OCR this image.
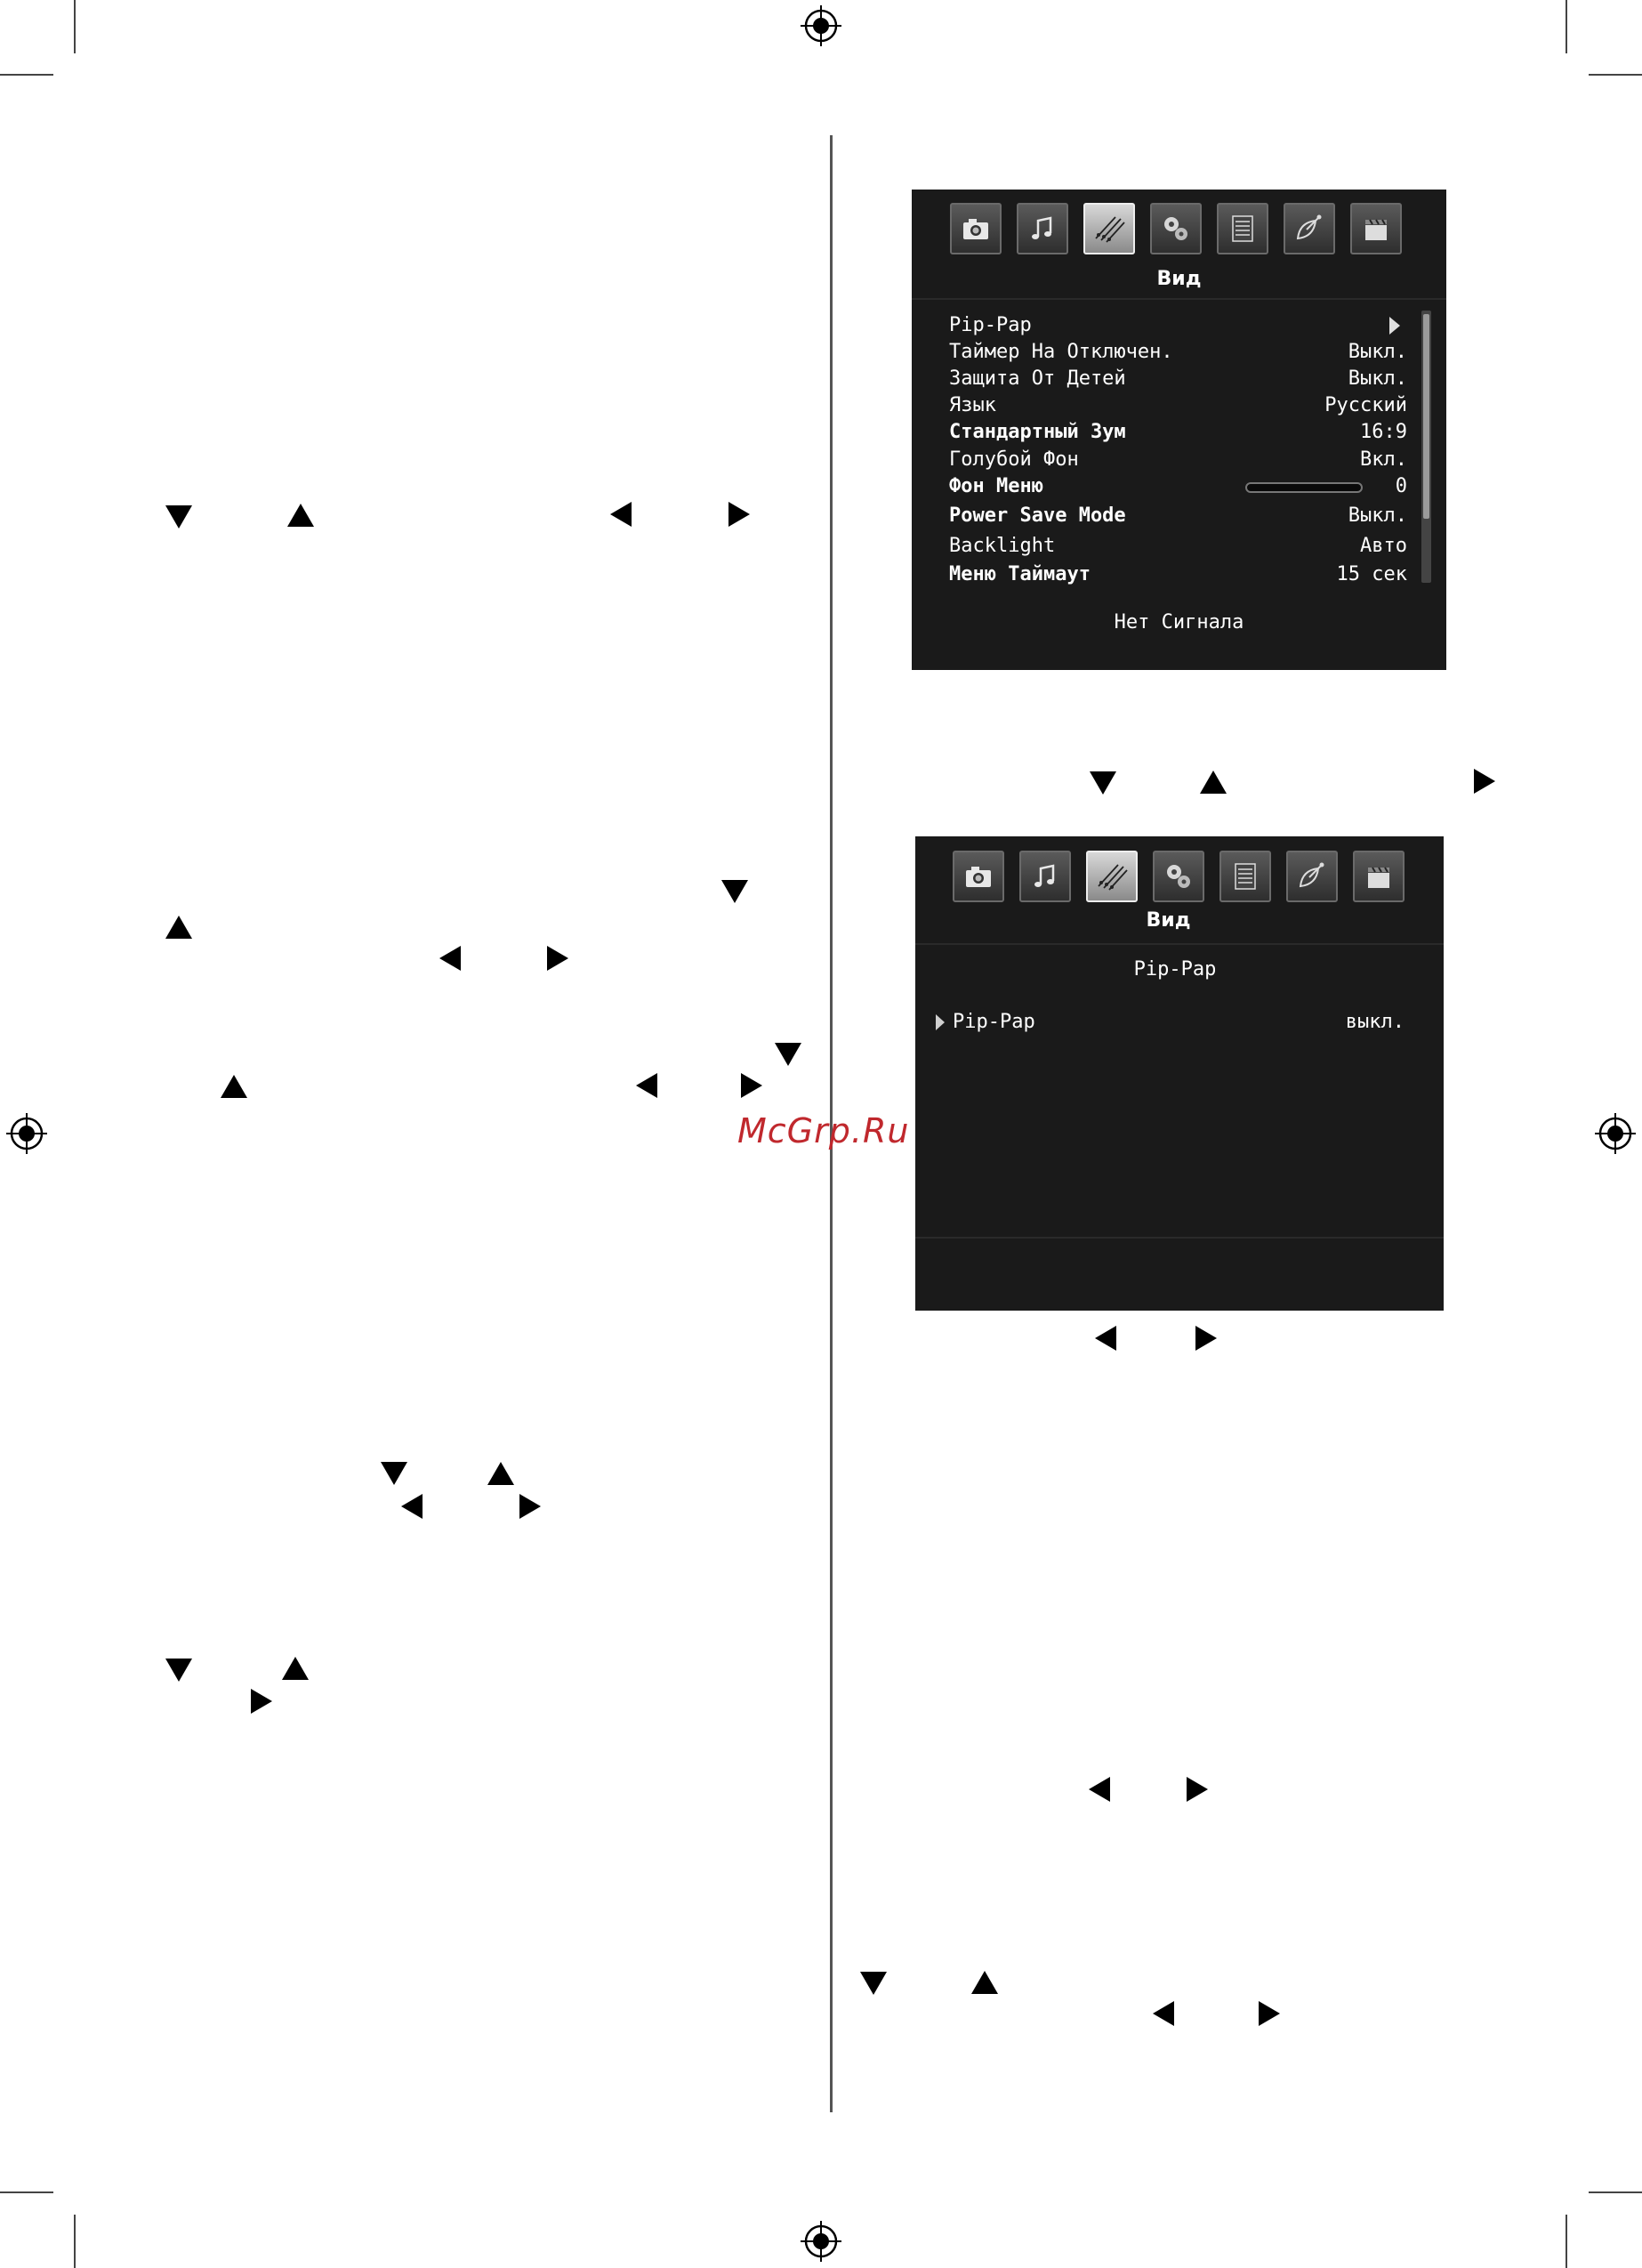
McGrp.Ru
Вид
Pip-Pap
Таймер На Отключен.	Выкл.
Защита От Детей	Выкл.
Язык	Русский
Стандартный Зум	16:9
Голубой Фон	Вкл.
Фон Меню	0
Power Save Mode	Выкл.
Backlight	Авто
Меню Таймаут	15 сек
Нет Сигнала
Вид
Pip-Pap
Pip-Pap	выкл.
